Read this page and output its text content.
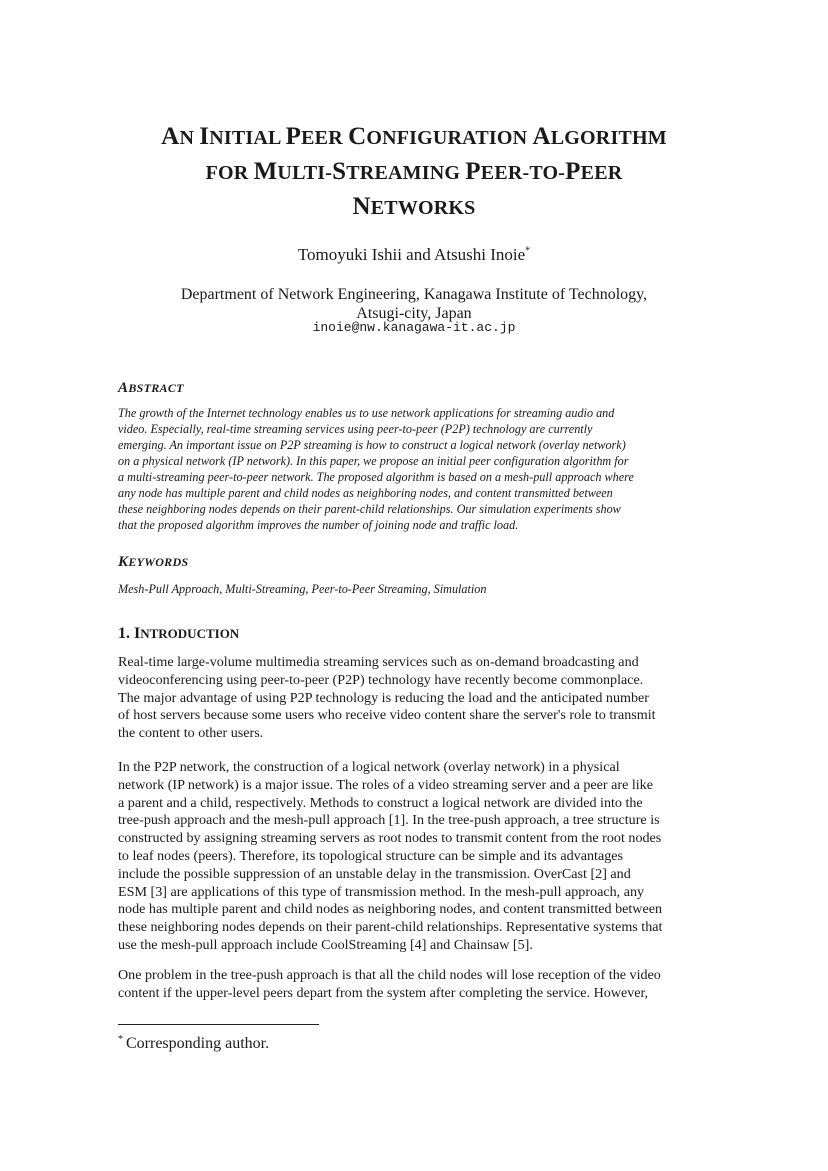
AN INITIAL PEER CONFIGURATION ALGORITHM
FOR MULTI-STREAMING PEER-TO-PEER
NETWORKS
Tomoyuki Ishii and Atsushi Inoie*
Department of Network Engineering, Kanagawa Institute of Technology,
Atsugi-city, Japan
inoie@nw.kanagawa-it.ac.jp
ABSTRACT
The growth of the Internet technology enables us to use network applications for streaming audio and
video. Especially, real-time streaming services using peer-to-peer (P2P) technology are currently
emerging. An important issue on P2P streaming is how to construct a logical network (overlay network)
on a physical network (IP network). In this paper, we propose an initial peer configuration algorithm for
a multi-streaming peer-to-peer network. The proposed algorithm is based on a mesh-pull approach where
any node has multiple parent and child nodes as neighboring nodes, and content transmitted between
these neighboring nodes depends on their parent-child relationships. Our simulation experiments show
that the proposed algorithm improves the number of joining node and traffic load.
KEYWORDS
Mesh-Pull Approach, Multi-Streaming, Peer-to-Peer Streaming, Simulation
1. INTRODUCTION
Real-time large-volume multimedia streaming services such as on-demand broadcasting and
videoconferencing using peer-to-peer (P2P) technology have recently become commonplace.
The major advantage of using P2P technology is reducing the load and the anticipated number
of host servers because some users who receive video content share the server's role to transmit
the content to other users.
In the P2P network, the construction of a logical network (overlay network) in a physical
network (IP network) is a major issue. The roles of a video streaming server and a peer are like
a parent and a child, respectively. Methods to construct a logical network are divided into the
tree-push approach and the mesh-pull approach [1]. In the tree-push approach, a tree structure is
constructed by assigning streaming servers as root nodes to transmit content from the root nodes
to leaf nodes (peers). Therefore, its topological structure can be simple and its advantages
include the possible suppression of an unstable delay in the transmission. OverCast [2] and
ESM [3] are applications of this type of transmission method. In the mesh-pull approach, any
node has multiple parent and child nodes as neighboring nodes, and content transmitted between
these neighboring nodes depends on their parent-child relationships. Representative systems that
use the mesh-pull approach include CoolStreaming [4] and Chainsaw [5].
One problem in the tree-push approach is that all the child nodes will lose reception of the video
content if the upper-level peers depart from the system after completing the service. However,
* Corresponding author.
